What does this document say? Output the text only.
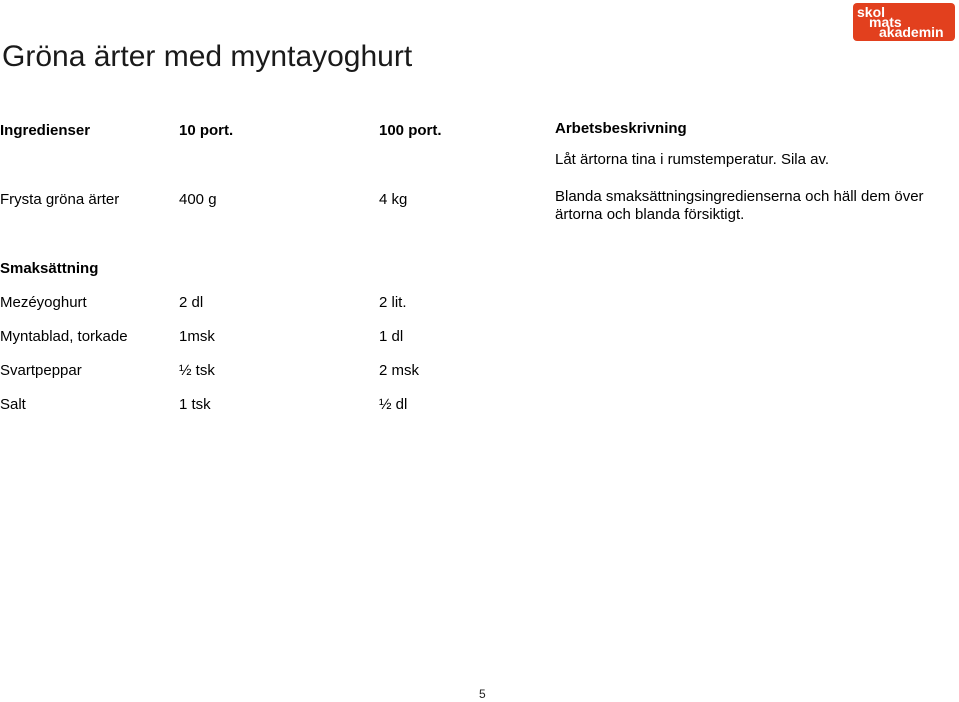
skol
mats
akademin
Gröna ärter med myntayoghurt
Ingredienser	10 port.	100 port.
Frysta gröna ärter	400 g	4 kg
Arbetsbeskrivning
Låt ärtorna tina i rumstemperatur. Sila av.
Blanda smaksättningsingredienserna och häll dem över ärtorna och blanda försiktigt.
Smaksättning
Mezéyoghurt	2 dl	2 lit.
Myntablad, torkade	1msk	1 dl
Svartpeppar	½ tsk	2 msk
Salt	1 tsk	½ dl
5
